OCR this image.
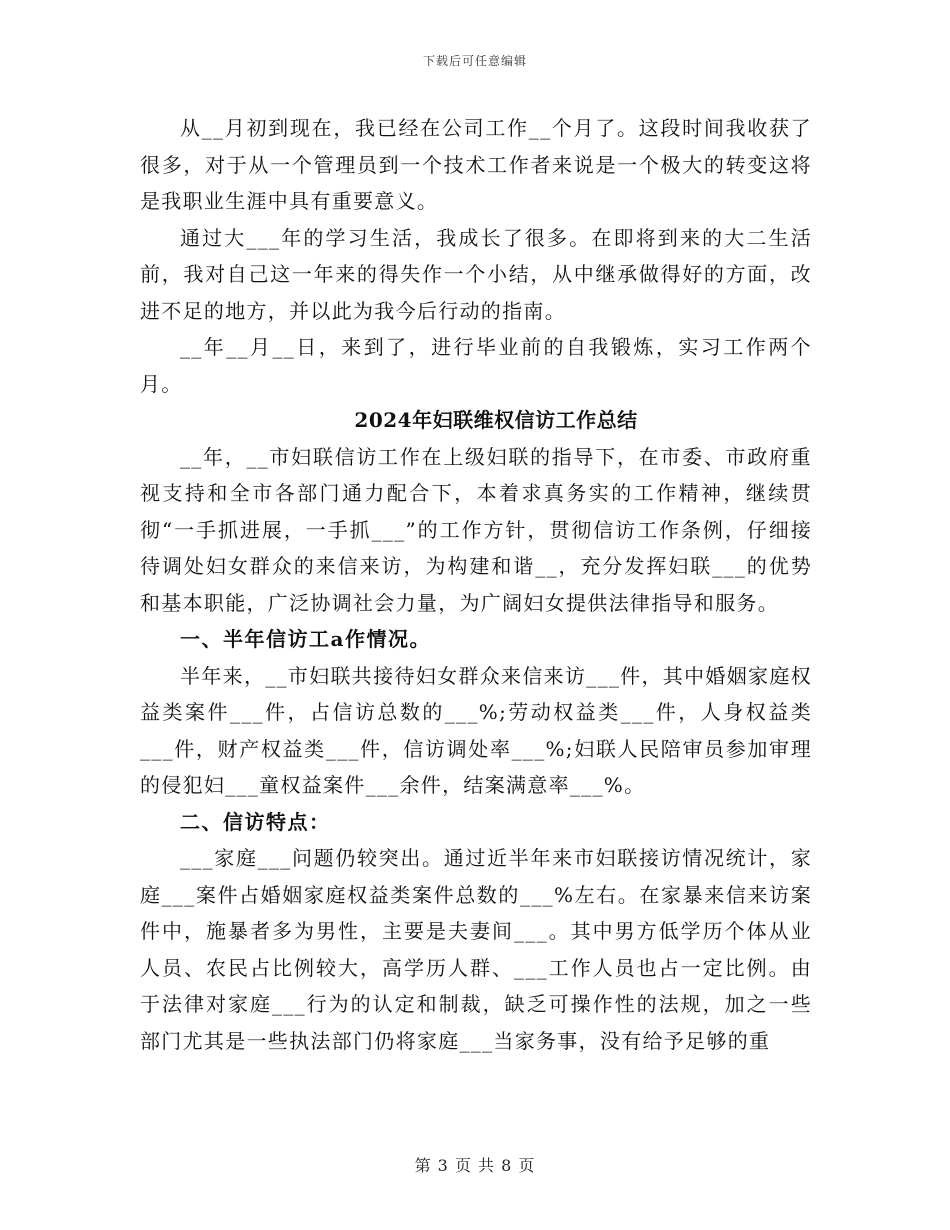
下载后可任意编辑

从__月初到现在，我已经在公司工作__个月了。这段时间我收获了很多，对于从一个管理员到一个技术工作者来说是一个极大的转变这将是我职业生涯中具有重要意义。

通过大___年的学习生活，我成长了很多。在即将到来的大二生活前，我对自己这一年来的得失作一个小结，从中继承做得好的方面，改进不足的地方，并以此为我今后行动的指南。

__年__月__日，来到了，进行毕业前的自我锻炼，实习工作两个月。

2024年妇联维权信访工作总结

__年，__市妇联信访工作在上级妇联的指导下，在市委、市政府重视支持和全市各部门通力配合下，本着求真务实的工作精神，继续贯彻“一手抓进展，一手抓___”的工作方针，贯彻信访工作条例，仔细接待调处妇女群众的来信来访，为构建和谐__，充分发挥妇联___的优势和基本职能，广泛协调社会力量，为广阔妇女提供法律指导和服务。

一、半年信访工a作情况。

半年来，__市妇联共接待妇女群众来信来访___件，其中婚姻家庭权益类案件___件，占信访总数的___%;劳动权益类___件，人身权益类___件，财产权益类___件，信访调处率___%;妇联人民陪审员参加审理的侵犯妇___童权益案件___余件，结案满意率___%。

二、信访特点：

___家庭___问题仍较突出。通过近半年来市妇联接访情况统计，家庭___案件占婚姻家庭权益类案件总数的___%左右。在家暴来信来访案件中，施暴者多为男性，主要是夫妻间___。其中男方低学历个体从业人员、农民占比例较大，高学历人群、___工作人员也占一定比例。由于法律对家庭___行为的认定和制裁，缺乏可操作性的法规，加之一些部门尤其是一些执法部门仍将家庭___当家务事，没有给予足够的重

第 3 页 共 8 页
